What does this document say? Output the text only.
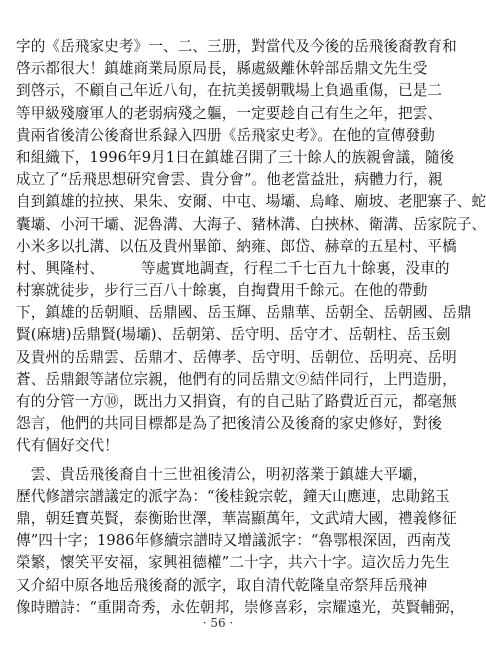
字的《岳飛家史考》一、二、三册，對當代及今後的岳飛後裔教育和
啓示都很大！鎮雄商業局原局長，縣處級離休幹部岳鼎文先生受
到啓示，不顧自己年近八旬，在抗美援朝戰場上負過重傷，已是二
等甲級殘廢軍人的老弱病殘之軀，一定要趁自己有生之年，把雲、
貴兩省後清公後裔世系録入四册《岳飛家史考》。在他的宣傳發動
和組織下，1996年9月1日在鎮雄召開了三十餘人的族親會議，隨後
成立了“岳飛思想研究會雲、貴分會”。他老當益壯，病體力行，親
自到鎮雄的拉挾、果朱、安爾、中屯、場壩、烏峰、廟坡、老肥寨子、蛇
囊壩、小河干壩、泥魯溝、大海子、豬林溝、白挾林、衛溝、岳家院子、
小米多以扎溝、以伍及貴州畢節、納雍、郎岱、赫章的五星村、平橋
村、興隆村、　　　等處實地調查，行程二千七百九十餘裏，没車的
村寨就徒步，步行三百八十餘裏，自掏費用千餘元。在他的帶動
下，鎮雄的岳朝順、岳鼎國、岳玉輝、岳鼎華、岳朝全、岳朝國、岳鼎
賢(麻塘)岳鼎賢(場壩)、岳朝第、岳守明、岳守才、岳朝柱、岳玉劍
及貴州的岳鼎雲、岳鼎才、岳傳孝、岳守明、岳朝位、岳明亮、岳明
蒼、岳鼎銀等諸位宗親，他們有的同岳鼎文⑨結伴同行，上門造册，
有的分管一方⑩，既出力又捐資，有的自己貼了路費近百元，都毫無
怨言，他們的共同目標都是為了把後清公及後裔的家史修好，對後
代有個好交代！
　雲、貴岳飛後裔自十三世祖後清公，明初落業于鎮雄大平壩，
歷代修譜宗譜議定的派字為：“後桂銳宗乾，鐘天山應連，忠勛銘玉
鼎，朝廷寶英賢，泰衡貽世澤，華嵩顯萬年，文武靖大國，禮義修征
傳”四十字；1986年修續宗譜時又增議派字：“魯鄂根深固，西南茂
榮繁，懷笑平安福，家興祖德權”二十字，共六十字。這次岳力先生
又介紹中原各地岳飛後裔的派字，取自清代乾隆皇帝祭拜岳飛神
像時贈詩：“重開奇秀，永佐朝邦，崇修喜彩，宗耀遠光，英賢輔弼，
· 56 ·
